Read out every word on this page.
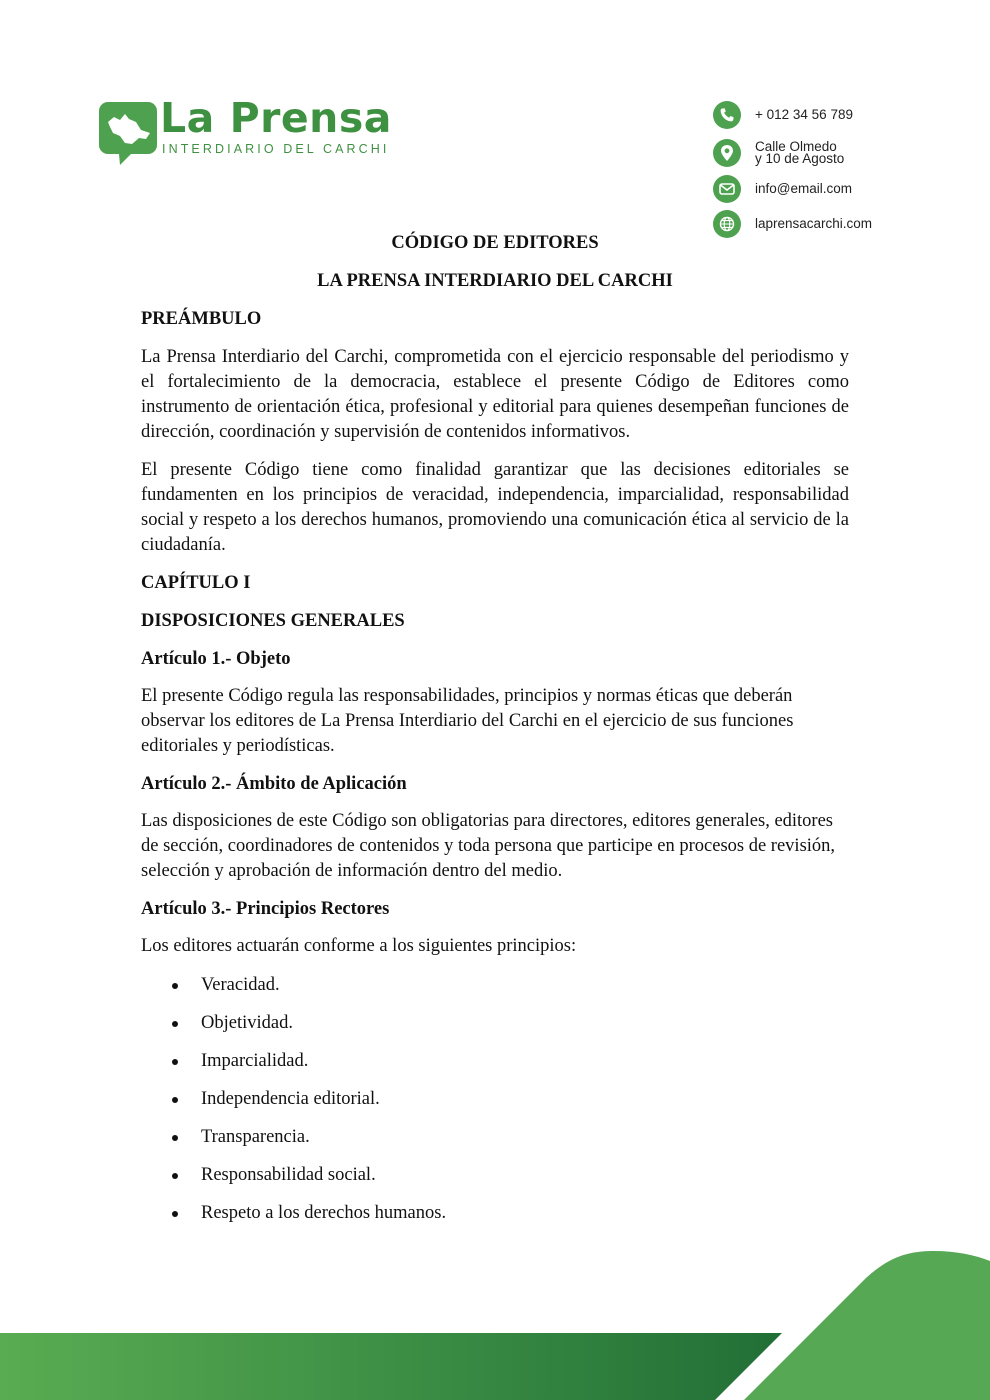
La Prensa
INTERDIARIO DEL CARCHI
+ 012 34 56 789
Calle Olmedo
y 10 de Agosto
info@email.com
laprensacarchi.com
CÓDIGO DE EDITORES
LA PRENSA INTERDIARIO DEL CARCHI
PREÁMBULO

La Prensa Interdiario del Carchi, comprometida con el ejercicio responsable del periodismo y el fortalecimiento de la democracia, establece el presente Código de Editores como instrumento de orientación ética, profesional y editorial para quienes desempeñan funciones de dirección, coordinación y supervisión de contenidos informativos.

El presente Código tiene como finalidad garantizar que las decisiones editoriales se fundamenten en los principios de veracidad, independencia, imparcialidad, responsabilidad social y respeto a los derechos humanos, promoviendo una comunicación ética al servicio de la ciudadanía.

CAPÍTULO I
DISPOSICIONES GENERALES
Artículo 1.- Objeto

El presente Código regula las responsabilidades, principios y normas éticas que deberán observar los editores de La Prensa Interdiario del Carchi en el ejercicio de sus funciones editoriales y periodísticas.

Artículo 2.- Ámbito de Aplicación

Las disposiciones de este Código son obligatorias para directores, editores generales, editores de sección, coordinadores de contenidos y toda persona que participe en procesos de revisión, selección y aprobación de información dentro del medio.

Artículo 3.- Principios Rectores

Los editores actuarán conforme a los siguientes principios:

Veracidad.
Objetividad.
Imparcialidad.
Independencia editorial.
Transparencia.
Responsabilidad social.
Respeto a los derechos humanos.
